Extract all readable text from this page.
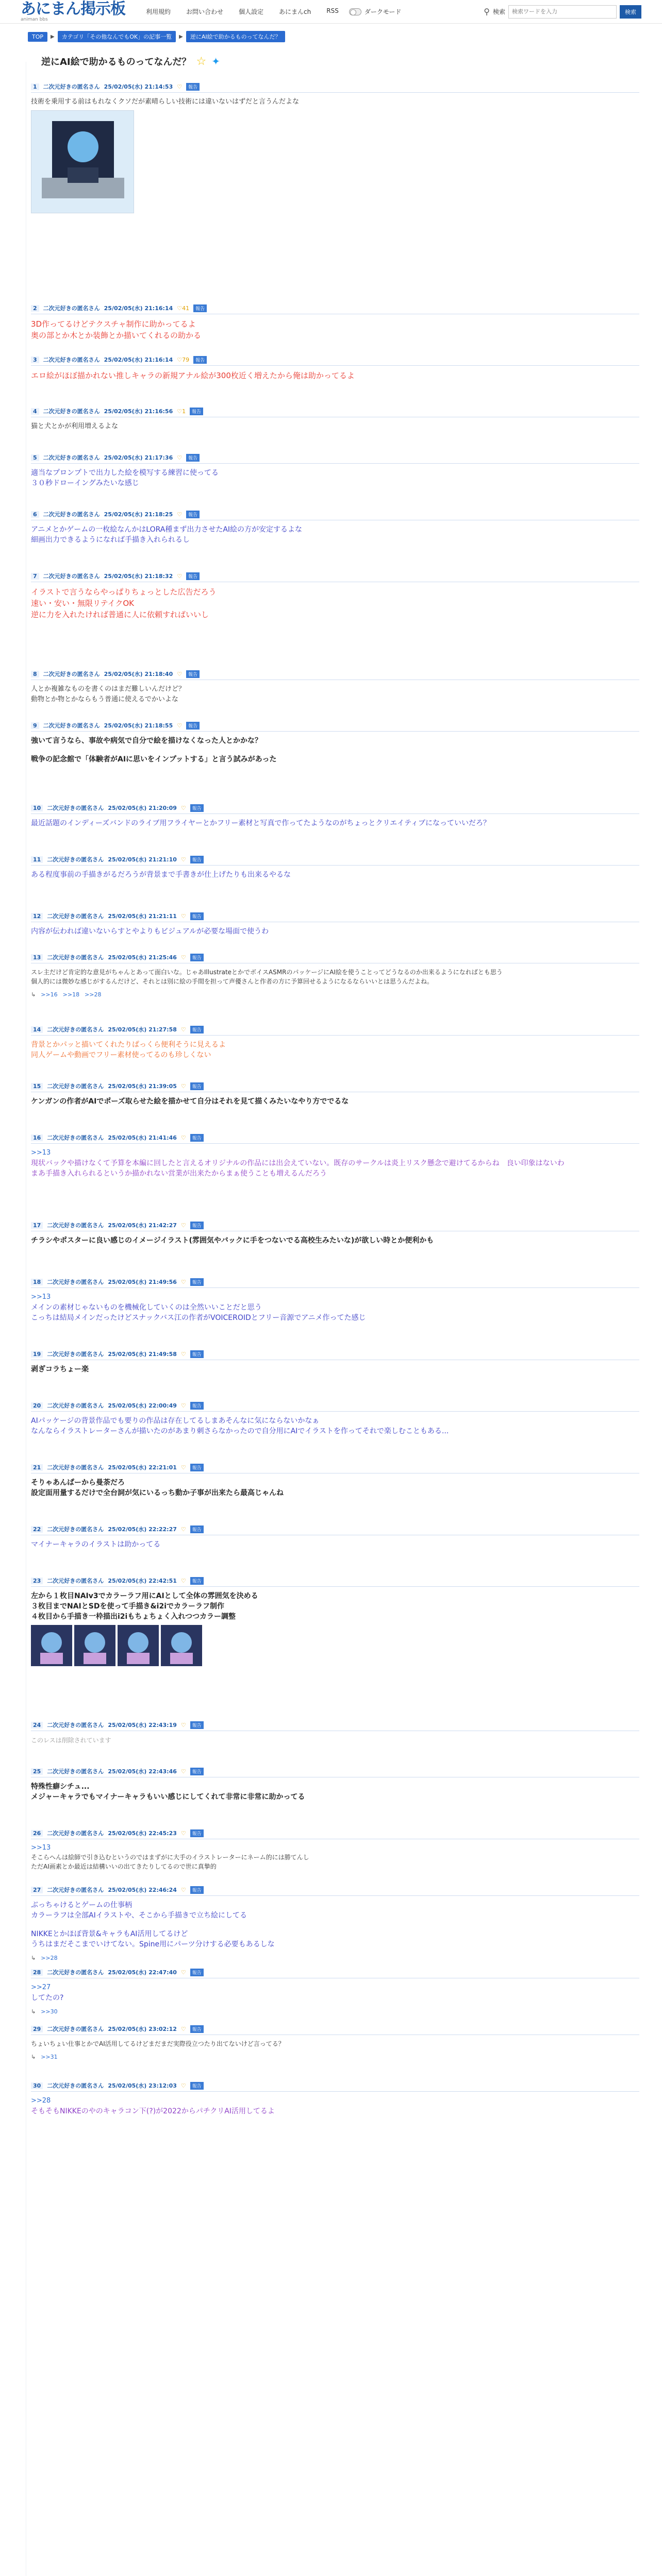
あにまん掲示板
animan bbs
利用規約	お問い合わせ	個人設定	あにまんch	RSS	ダークモード	⚲ 検索
検索ワードを入力	検索
TOP	▶	カテゴリ「その他なんでもOK」の記事一覧	▶	逆にAI絵で助かるものってなんだ？
逆にAI絵で助かるものってなんだ？ ☆ ✦
1	二次元好きの匿名さん 25/02/05(水) 21:14:53 ♡	報告
技術を乗用する前はもれなくクソだが素晴らしい技術には違いないはずだと言うんだよな
2	二次元好きの匿名さん 25/02/05(水) 21:16:14 ♡41	報告
3D作ってるけどテクスチャ制作に助かってるよ
奥の部とか木とか装飾とか描いてくれるの助かる
3	二次元好きの匿名さん 25/02/05(水) 21:16:14 ♡79	報告
エロ絵がほぼ描かれない推しキャラの新規アナル絵が300枚近く増えたから俺は助かってるよ
4	二次元好きの匿名さん 25/02/05(水) 21:16:56 ♡1	報告
猫と犬とかが利用増えるよな
5	二次元好きの匿名さん 25/02/05(水) 21:17:36 ♡	報告
適当なプロンプトで出力した絵を模写する練習に使ってる
３０秒ドローイングみたいな感じ
6	二次元好きの匿名さん 25/02/05(水) 21:18:25 ♡	報告
アニメとかゲームの一枚絵なんかはLORA種まず出力させたAI絵の方が安定するよな
細画出力できるようになれば手描き入れられるし
7	二次元好きの匿名さん 25/02/05(水) 21:18:32 ♡	報告
イラストで言うならやっぱりちょっとした広告だろう
速い・安い・無限リテイクOK
逆に力を入れたければ普通に人に依頼すればいいし
8	二次元好きの匿名さん 25/02/05(水) 21:18:40 ♡	報告
人とか複雑なものを書くのはまだ難しいんだけど？
動物とか物とかならもう普通に使えるでかいよな
9	二次元好きの匿名さん 25/02/05(水) 21:18:55 ♡	報告
強いて言うなら、事故や病気で自分で絵を描けなくなった人とかかな？
戦争の記念館で「体験者がAIに思いをインプットする」と言う試みがあった
10	二次元好きの匿名さん 25/02/05(水) 21:20:09 ♡	報告
最近話題のインディーズバンドのライブ用フライヤーとかフリー素材と写真で作ってたようなのがちょっとクリエイティブになっていいだろ？
11	二次元好きの匿名さん 25/02/05(水) 21:21:10 ♡	報告
ある程度事前の手描きがるだろうが背景まで手書きが仕上げたりも出来るやるな
12	二次元好きの匿名さん 25/02/05(水) 21:21:11 ♡	報告
内容が伝われば違いないらすとやよりもビジュアルが必要な場面で使うわ
13	二次元好きの匿名さん 25/02/05(水) 21:25:46 ♡	報告
スレ主だけど肯定的な意見がちゃんとあって面白いな。じゃあIllustrateとかでボイスASMRのパッケージにAI絵を使うことってどうなるのか出来るようになればとも思う
個人的には微妙な感じがするんだけど、それとは別に絵の手間を担って声優さんと作者の方に予算回せるようになるならいいとは思うんだよね。
↳ >>16 >>18 >>28
14	二次元好きの匿名さん 25/02/05(水) 21:27:58 ♡	報告
背景とかパッと描いてくれたりぱっくら便利そうに見えるよ
同人ゲームや動画でフリー素材使ってるのも珍しくない
15	二次元好きの匿名さん 25/02/05(水) 21:39:05 ♡	報告
ケンガンの作者がAIでポーズ取らせた絵を描かせて自分はそれを見て描くみたいなやり方ででるな
16	二次元好きの匿名さん 25/02/05(水) 21:41:46 ♡	報告
>>13
現状バックや描けなくて予算を本編に回したと言えるオリジナルの作品には出会えていない。既存のサークルは炎上リスク懸念で避けてるからね　良い印象はないわ
まあ手描き入れられるというか描かれない営業が出来たからまぁ使うことも増えるんだろう
17	二次元好きの匿名さん 25/02/05(水) 21:42:27 ♡	報告
チラシやポスターに良い感じのイメージイラスト(雰囲気やバックに手をつないでる高校生みたいな)が欲しい時とか便利かも
18	二次元好きの匿名さん 25/02/05(水) 21:49:56 ♡	報告
>>13
メインの素材じゃないものを機械化していくのは全然いいことだと思う
こっちは結局メインだったけどスナックバス江の作者がVOICEROIDとフリー音源でアニメ作ってた感じ
19	二次元好きの匿名さん 25/02/05(水) 21:49:58 ♡	報告
剥ぎコラちょー楽
20	二次元好きの匿名さん 25/02/05(水) 22:00:49 ♡	報告
AIパッケージの背景作品でも要りの作品は存在してるしまあそんなに気にならないかなぁ
なんならイラストレーターさんが描いたのがあまり刺さらなかったので自分用にAIでイラストを作ってそれで楽しむこともある...
21	二次元好きの匿名さん 25/02/05(水) 22:21:01 ♡	報告
そりゃあんぱーから曼荼だろ
設定面用量するだけで全台詞が気にいるっち動か子事が出来たら最高じゃんね
22	二次元好きの匿名さん 25/02/05(水) 22:22:27 ♡	報告
マイナーキャラのイラストは助かってる
23	二次元好きの匿名さん 25/02/05(水) 22:42:51 ♡	報告
左から１枚目NAIv3でカラーラフ用にAIとして全体の雰囲気を決める
３枚目までNAIとSDを使って手描き&i2iでカラーラフ制作
４枚目から手描き一枠描出i2iもちょちょく入れつつカラー調整
24	二次元好きの匿名さん 25/02/05(水) 22:43:19 ♡	報告
このレスは削除されています
25	二次元好きの匿名さん 25/02/05(水) 22:43:46 ♡	報告
特殊性癖シチュ...
メジャーキャラでもマイナーキャラもいい感じにしてくれて非常に非常に助かってる
26	二次元好きの匿名さん 25/02/05(水) 22:45:23 ♡	報告
>>13
そこらへんは絵師で引き込むというのではまずがに大手のイラストレーターにネーム的には勝てんし
ただAI画素とか最近は結構いいの出てきたりしてるので世に真摯的
27	二次元好きの匿名さん 25/02/05(水) 22:46:24 ♡	報告
ぶっちゃけるとゲームの仕事柄
カラーラフは全部AIイラストや、そこから手描きで立ち絵にしてる
NIKKEとかほぼ背景&キャラもAI活用してるけど
うちはまだそこまでいけてない。Spine用にパーツ分けする必要もあるしな
↳ >>28
28	二次元好きの匿名さん 25/02/05(水) 22:47:40 ♡	報告
>>27
してたの?
↳ >>30
29	二次元好きの匿名さん 25/02/05(水) 23:02:12 ♡	報告
ちょいちょい仕事とかでAI活用してるけどまだまだ実際役立つたり出てないけど言ってる？
↳ >>31
30	二次元好きの匿名さん 25/02/05(水) 23:12:03 ♡	報告
>>28
そもそもNIKKEのやのキャラコン下(?)が2022からパチクリAI活用してるよ
